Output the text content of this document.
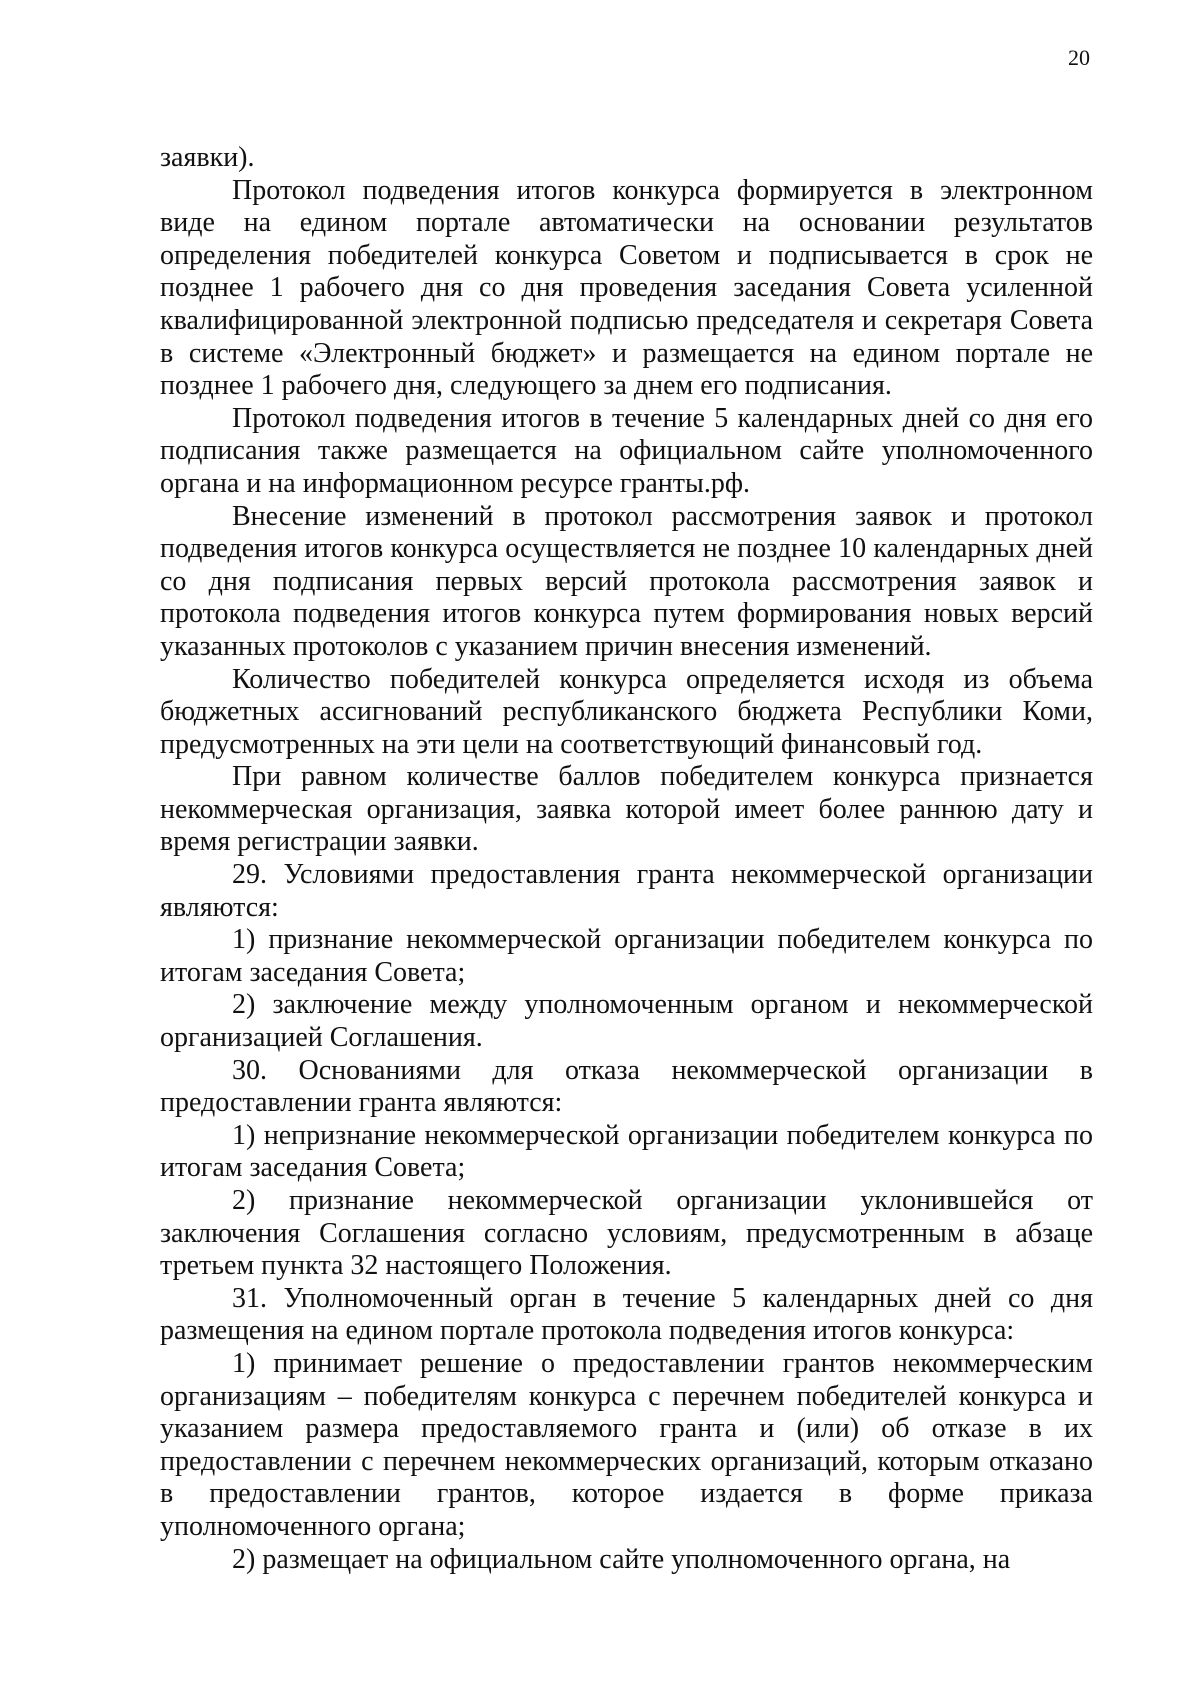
20

заявки).

Протокол подведения итогов конкурса формируется в электронном виде на едином портале автоматически на основании результатов определения победителей конкурса Советом и подписывается в срок не позднее 1 рабочего дня со дня проведения заседания Совета усиленной квалифицированной электронной подписью председателя и секретаря Совета в системе «Электронный бюджет» и размещается на едином портале не позднее 1 рабочего дня, следующего за днем его подписания.

Протокол подведения итогов в течение 5 календарных дней со дня его подписания также размещается на официальном сайте уполномоченного органа и на информационном ресурсе гранты.рф.

Внесение изменений в протокол рассмотрения заявок и протокол подведения итогов конкурса осуществляется не позднее 10 календарных дней со дня подписания первых версий протокола рассмотрения заявок и протокола подведения итогов конкурса путем формирования новых версий указанных протоколов с указанием причин внесения изменений.

Количество победителей конкурса определяется исходя из объема бюджетных ассигнований республиканского бюджета Республики Коми, предусмотренных на эти цели на соответствующий финансовый год.

При равном количестве баллов победителем конкурса признается некоммерческая организация, заявка которой имеет более раннюю дату и время регистрации заявки.

29. Условиями предоставления гранта некоммерческой организации являются:

1) признание некоммерческой организации победителем конкурса по итогам заседания Совета;

2) заключение между уполномоченным органом и некоммерческой организацией Соглашения.

30. Основаниями для отказа некоммерческой организации в предоставлении гранта являются:

1) непризнание некоммерческой организации победителем конкурса по итогам заседания Совета;

2) признание некоммерческой организации уклонившейся от заключения Соглашения согласно условиям, предусмотренным в абзаце третьем пункта 32 настоящего Положения.

31. Уполномоченный орган в течение 5 календарных дней со дня размещения на едином портале протокола подведения итогов конкурса:

1) принимает решение о предоставлении грантов некоммерческим организациям – победителям конкурса с перечнем победителей конкурса и указанием размера предоставляемого гранта и (или) об отказе в их предоставлении с перечнем некоммерческих организаций, которым отказано в предоставлении грантов, которое издается в форме приказа уполномоченного органа;

2) размещает на официальном сайте уполномоченного органа, на
